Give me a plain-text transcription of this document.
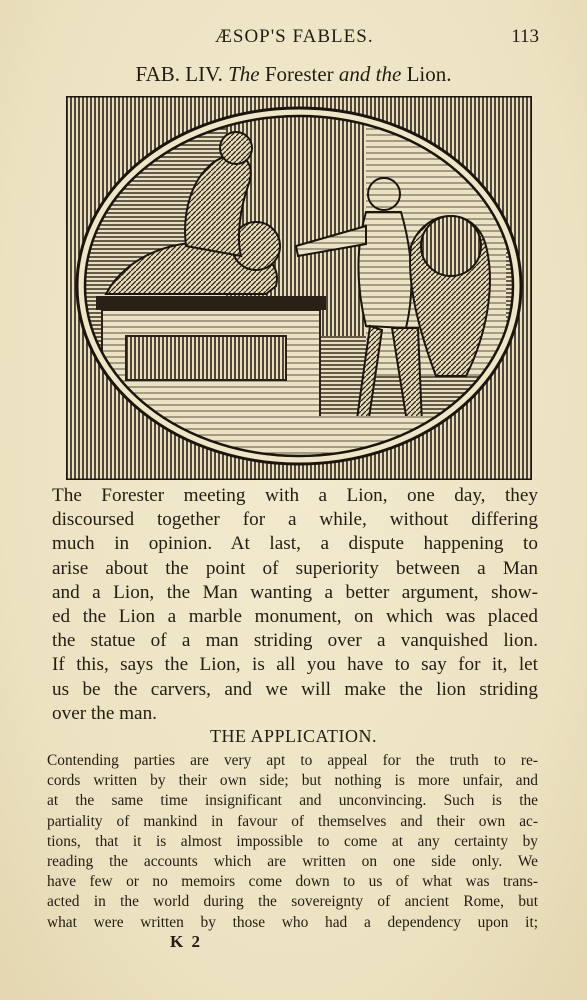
ÆSOP'S FABLES.	113
FAB. LIV. The Forester and the Lion.
The Forester meeting with a Lion, one day, they
discoursed together for a while, without differing
much in opinion. At last, a dispute happening to
arise about the point of superiority between a Man
and a Lion, the Man wanting a better argument, show-
ed the Lion a marble monument, on which was placed
the statue of a man striding over a vanquished lion.
If this, says the Lion, is all you have to say for it, let
us be the carvers, and we will make the lion striding
over the man.
THE APPLICATION.
Contending parties are very apt to appeal for the truth to re-
cords written by their own side; but nothing is more unfair, and
at the same time insignificant and unconvincing. Such is the
partiality of mankind in favour of themselves and their own ac-
tions, that it is almost impossible to come at any certainty by
reading the accounts which are written on one side only. We
have few or no memoirs come down to us of what was trans-
acted in the world during the sovereignty of ancient Rome, but
what were written by those who had a dependency upon it;
K 2
